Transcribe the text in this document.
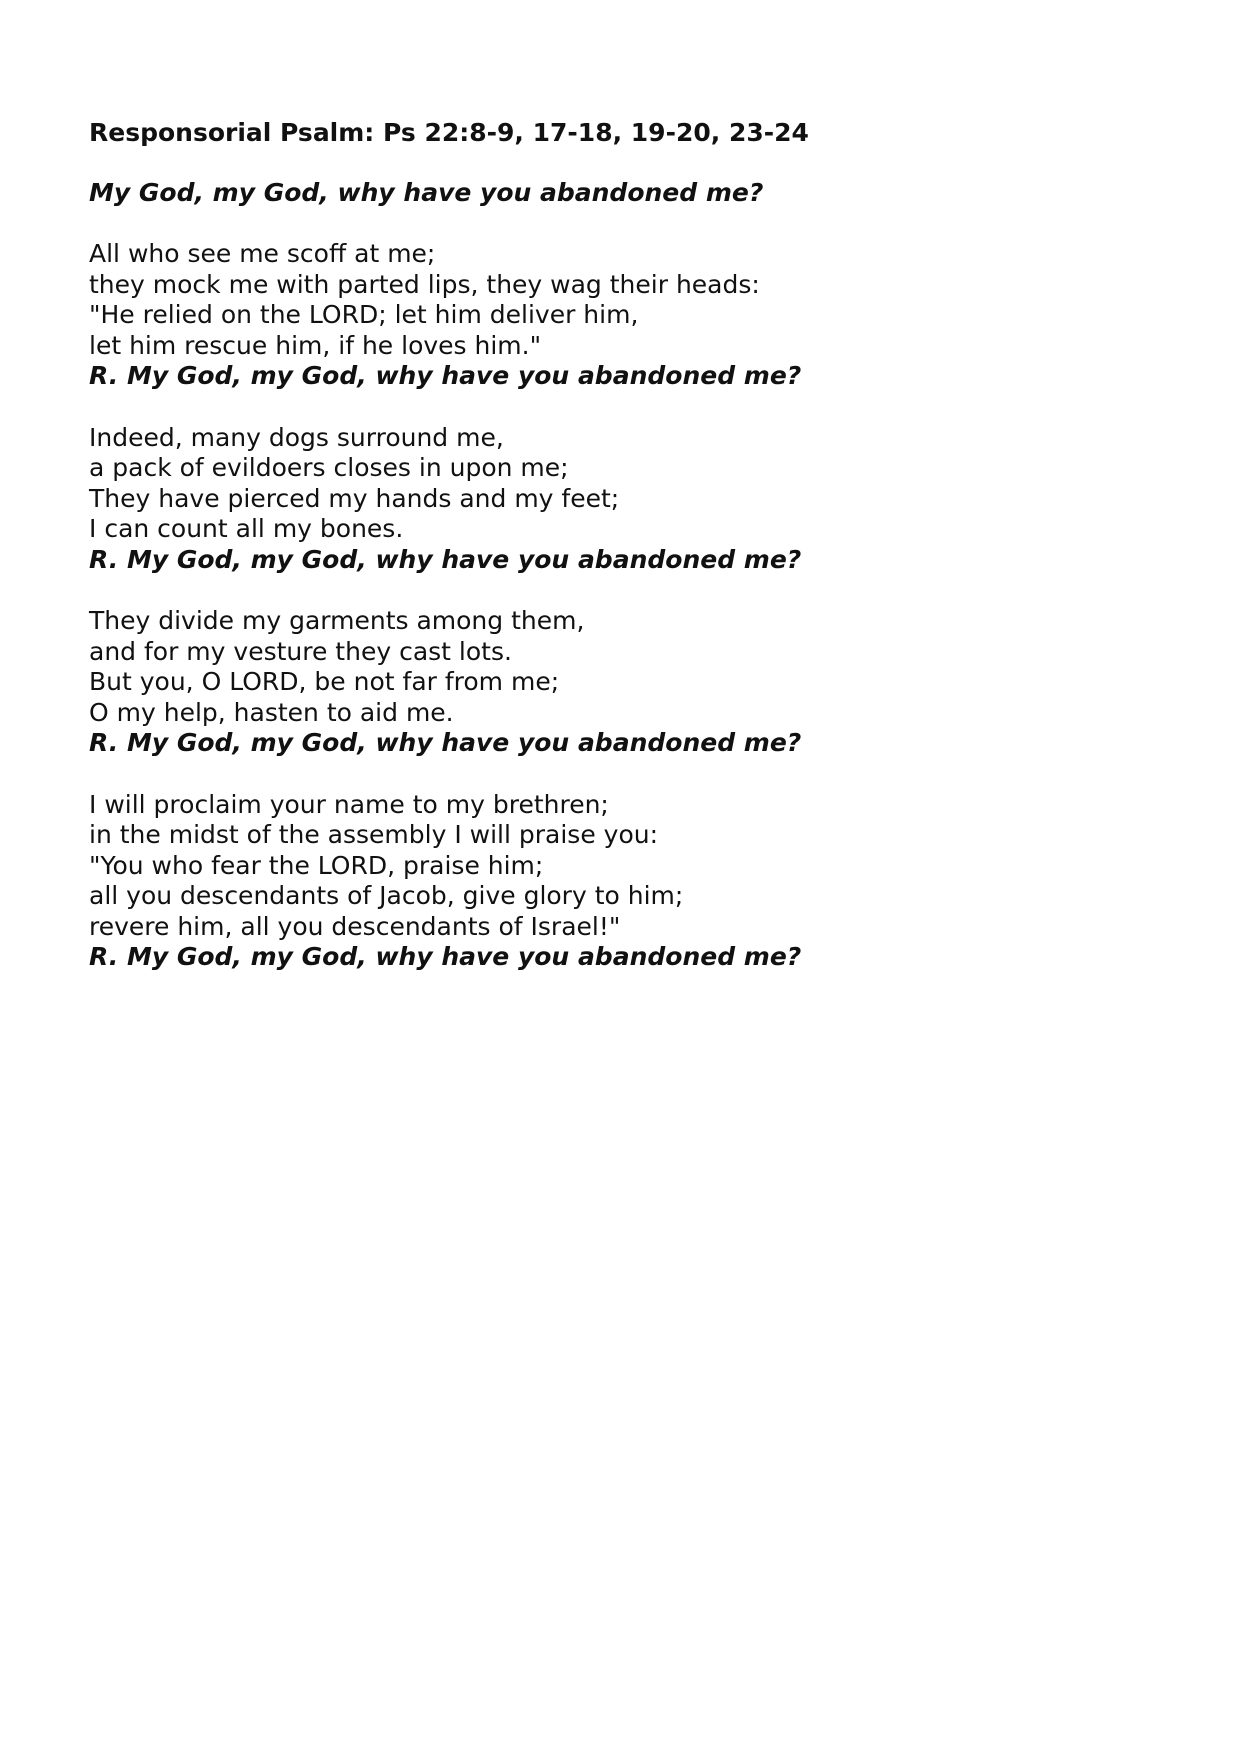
Responsorial Psalm: Ps 22:8-9, 17-18, 19-20, 23-24
My God, my God, why have you abandoned me?
All who see me scoff at me;
they mock me with parted lips, they wag their heads:
"He relied on the LORD; let him deliver him,
let him rescue him, if he loves him."
R. My God, my God, why have you abandoned me?
Indeed, many dogs surround me,
a pack of evildoers closes in upon me;
They have pierced my hands and my feet;
I can count all my bones.
R. My God, my God, why have you abandoned me?
They divide my garments among them,
and for my vesture they cast lots.
But you, O LORD, be not far from me;
O my help, hasten to aid me.
R. My God, my God, why have you abandoned me?
I will proclaim your name to my brethren;
in the midst of the assembly I will praise you:
"You who fear the LORD, praise him;
all you descendants of Jacob, give glory to him;
revere him, all you descendants of Israel!"
R. My God, my God, why have you abandoned me?
